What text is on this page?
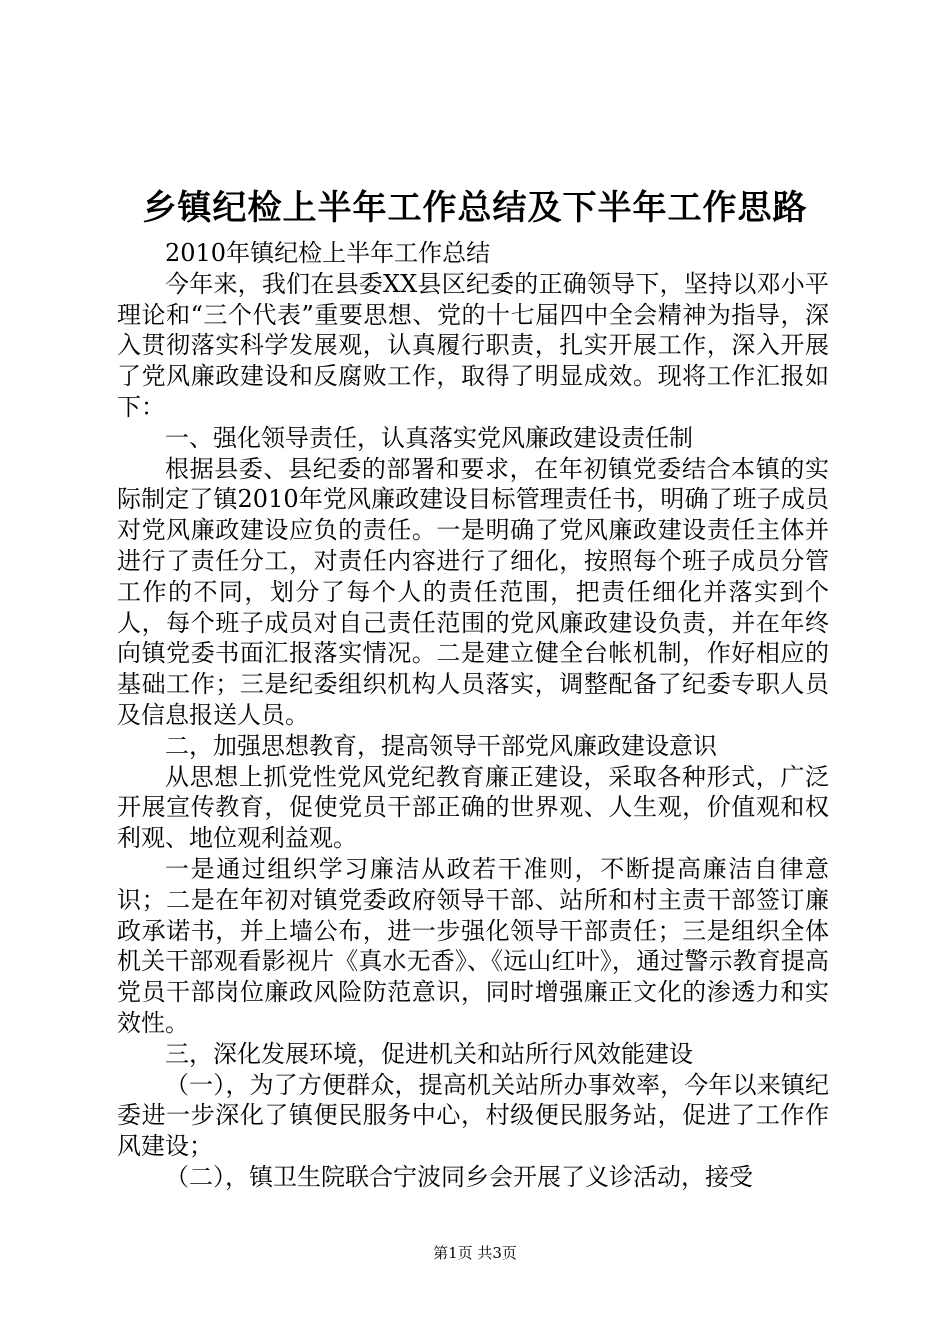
乡镇纪检上半年工作总结及下半年工作思路

2010年镇纪检上半年工作总结

今年来，我们在县委XX县区纪委的正确领导下，坚持以邓小平理论和“三个代表”重要思想、党的十七届四中全会精神为指导，深入贯彻落实科学发展观，认真履行职责，扎实开展工作，深入开展了党风廉政建设和反腐败工作，取得了明显成效。现将工作汇报如下：

一、强化领导责任，认真落实党风廉政建设责任制

根据县委、县纪委的部署和要求，在年初镇党委结合本镇的实际制定了镇2010年党风廉政建设目标管理责任书，明确了班子成员对党风廉政建设应负的责任。一是明确了党风廉政建设责任主体并进行了责任分工，对责任内容进行了细化，按照每个班子成员分管工作的不同，划分了每个人的责任范围，把责任细化并落实到个人，每个班子成员对自己责任范围的党风廉政建设负责，并在年终向镇党委书面汇报落实情况。二是建立健全台帐机制，作好相应的基础工作；三是纪委组织机构人员落实，调整配备了纪委专职人员及信息报送人员。

二，加强思想教育，提高领导干部党风廉政建设意识

从思想上抓党性党风党纪教育廉正建设，采取各种形式，广泛开展宣传教育，促使党员干部正确的世界观、人生观，价值观和权利观、地位观利益观。

一是通过组织学习廉洁从政若干准则，不断提高廉洁自律意识；二是在年初对镇党委政府领导干部、站所和村主责干部签订廉政承诺书，并上墙公布，进一步强化领导干部责任；三是组织全体机关干部观看影视片《真水无香》、《远山红叶》，通过警示教育提高党员干部岗位廉政风险防范意识，同时增强廉正文化的渗透力和实效性。

三，深化发展环境，促进机关和站所行风效能建设

（一），为了方便群众，提高机关站所办事效率，今年以来镇纪委进一步深化了镇便民服务中心，村级便民服务站，促进了工作作风建设；

（二），镇卫生院联合宁波同乡会开展了义诊活动，接受

第1页 共3页
